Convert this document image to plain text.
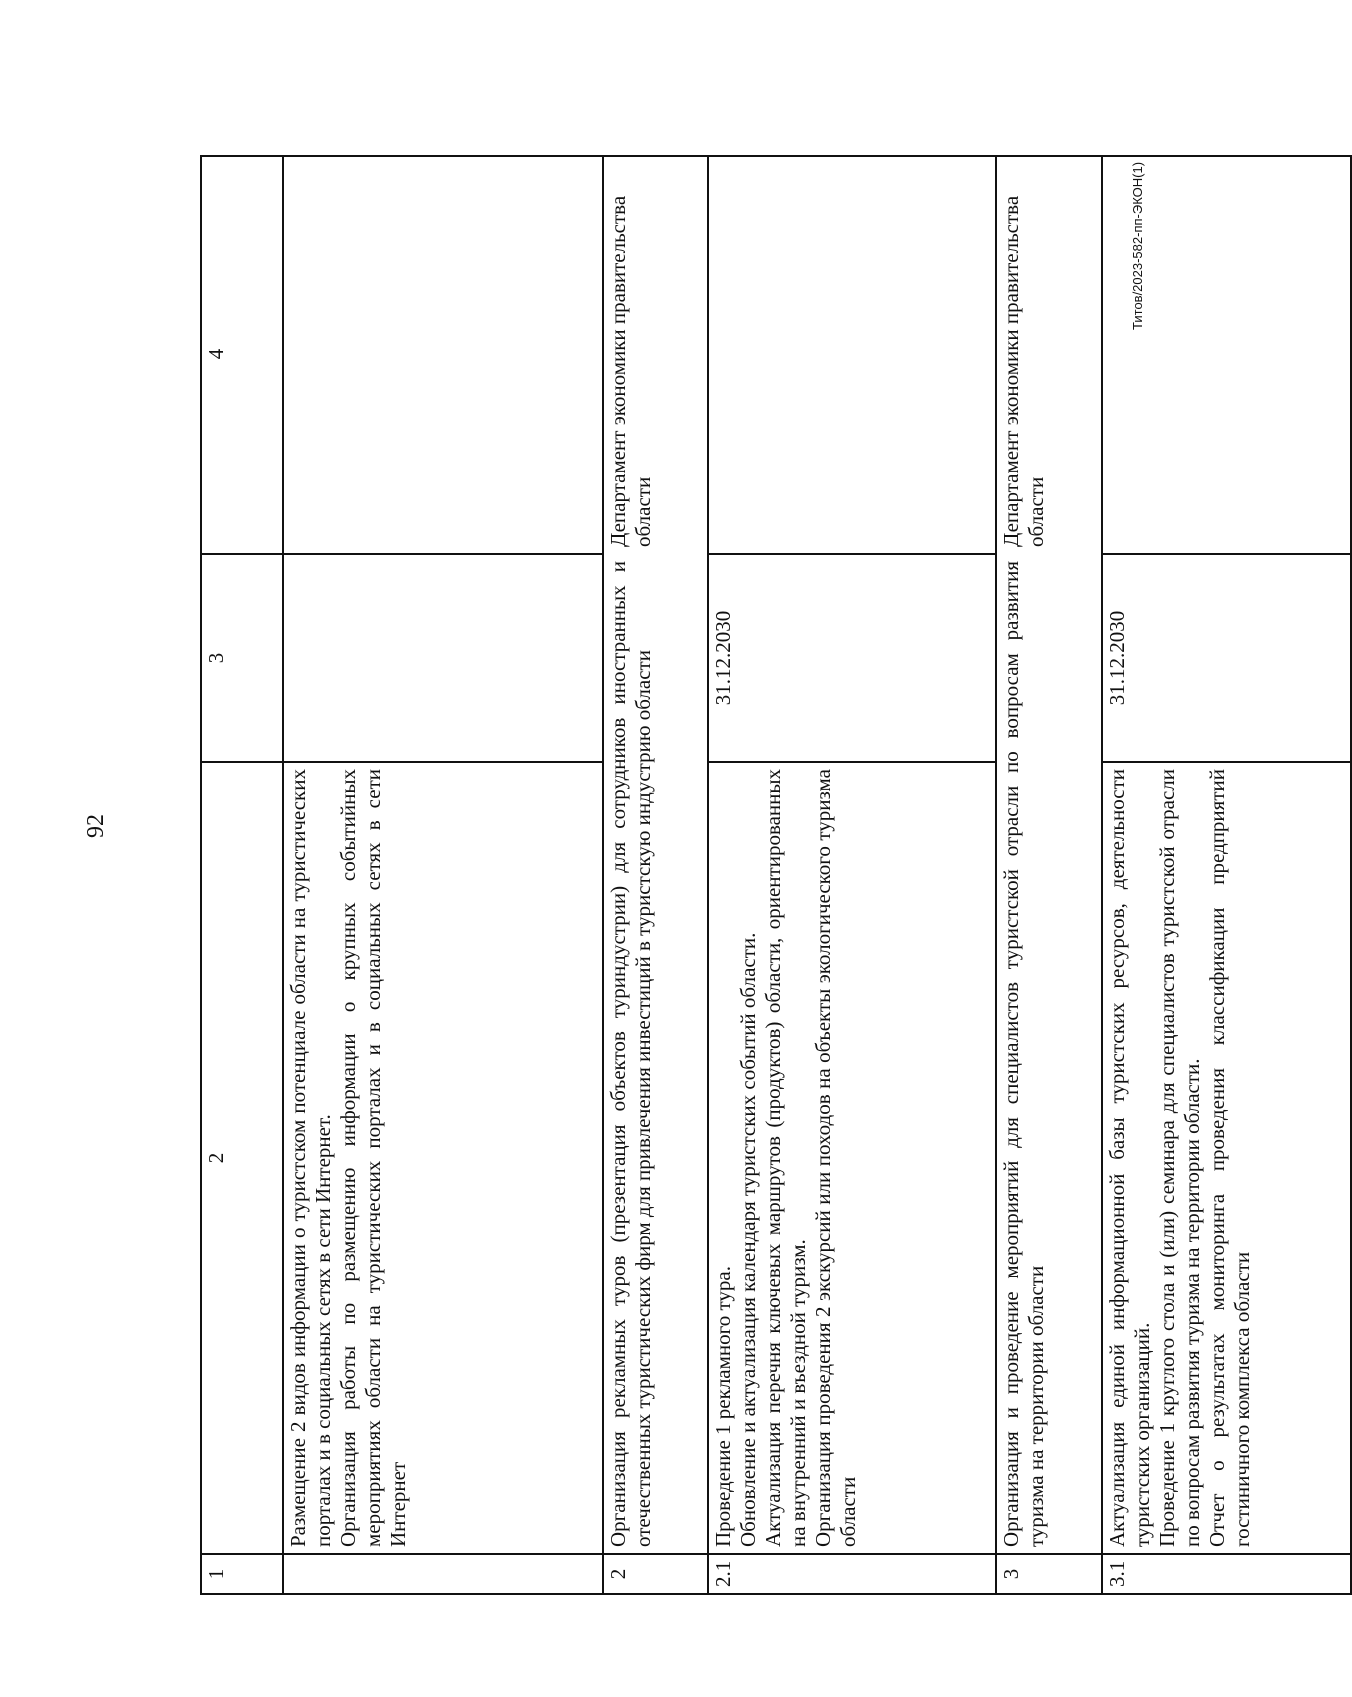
92
Титов/2023-582-пп-ЭКОН(1)
1
2
3
4

Размещение 2 видов информации о туристском потенциале области на туристических порталах и в социальных сетях в сети Интернет. Организация работы по размещению информации о крупных событийных мероприятиях области на туристических порталах и в социальных сетях в сети Интернет

2

Организация рекламных туров (презентация объектов туриндустрии) для сотрудников иностранных и отечественных туристических фирм для привлечения инвестиций в туристскую индустрию области

Департамент экономики правительства области
2.1

Проведение 1 рекламного тура. Обновление и актуализация календаря туристских событий области. Актуализация перечня ключевых маршрутов (продуктов) области, ориентированных на внутренний и въездной туризм. Организация проведения 2 экскурсий или походов на объекты экологического туризма области

31.12.2030
3

Организация и проведение мероприятий для специалистов туристской отрасли по вопросам развития туризма на территории области

Департамент экономики правительства области
3.1

Актуализация единой информационной базы туристских ресурсов, деятельности туристских организаций. Проведение 1 круглого стола и (или) семинара для специалистов туристской отрасли по вопросам развития туризма на территории области. Отчет о результатах мониторинга проведения классификации предприятий гостиничного комплекса области

31.12.2030
